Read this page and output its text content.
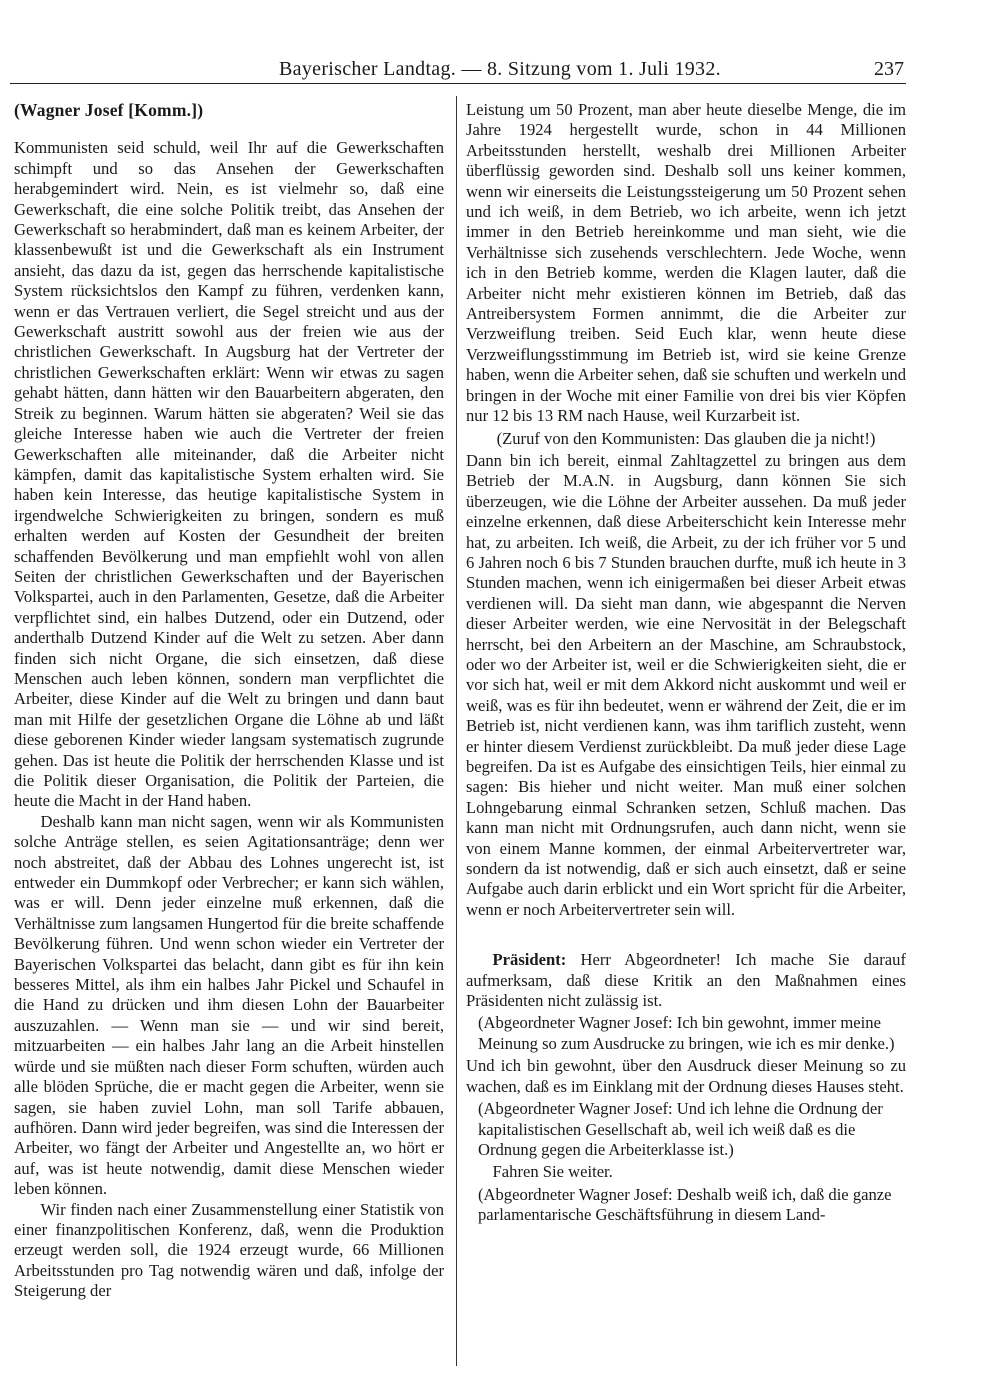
Bayerischer Landtag. — 8. Sitzung vom 1. Juli 1932.	237
(Wagner Josef [Komm.])

Kommunisten seid schuld, weil Ihr auf die Gewerkschaften schimpft und so das Ansehen der Gewerkschaften herabgemindert wird. Nein, es ist vielmehr so, daß eine Gewerkschaft, die eine solche Politik treibt, das Ansehen der Gewerkschaft so herabmindert, daß man es keinem Arbeiter, der klassenbewußt ist und die Gewerkschaft als ein Instrument ansieht, das dazu da ist, gegen das herrschende kapitalistische System rücksichtslos den Kampf zu führen, verdenken kann, wenn er das Vertrauen verliert, die Segel streicht und aus der Gewerkschaft austritt sowohl aus der freien wie aus der christlichen Gewerkschaft. In Augsburg hat der Vertreter der christlichen Gewerkschaften erklärt: Wenn wir etwas zu sagen gehabt hätten, dann hätten wir den Bauarbeitern abgeraten, den Streik zu beginnen. Warum hätten sie abgeraten? Weil sie das gleiche Interesse haben wie auch die Vertreter der freien Gewerkschaften alle miteinander, daß die Arbeiter nicht kämpfen, damit das kapitalistische System erhalten wird. Sie haben kein Interesse, das heutige kapitalistische System in irgendwelche Schwierigkeiten zu bringen, sondern es muß erhalten werden auf Kosten der Gesundheit der breiten schaffenden Bevölkerung und man empfiehlt wohl von allen Seiten der christlichen Gewerkschaften und der Bayerischen Volkspartei, auch in den Parlamenten, Gesetze, daß die Arbeiter verpflichtet sind, ein halbes Dutzend, oder ein Dutzend, oder anderthalb Dutzend Kinder auf die Welt zu setzen. Aber dann finden sich nicht Organe, die sich einsetzen, daß diese Menschen auch leben können, sondern man verpflichtet die Arbeiter, diese Kinder auf die Welt zu bringen und dann baut man mit Hilfe der gesetzlichen Organe die Löhne ab und läßt diese geborenen Kinder wieder langsam systematisch zugrunde gehen. Das ist heute die Politik der herrschenden Klasse und ist die Politik dieser Organisation, die Politik der Parteien, die heute die Macht in der Hand haben.

Deshalb kann man nicht sagen, wenn wir als Kommunisten solche Anträge stellen, es seien Agitationsanträge; denn wer noch abstreitet, daß der Abbau des Lohnes ungerecht ist, ist entweder ein Dummkopf oder Verbrecher; er kann sich wählen, was er will. Denn jeder einzelne muß erkennen, daß die Verhältnisse zum langsamen Hungertod für die breite schaffende Bevölkerung führen. Und wenn schon wieder ein Vertreter der Bayerischen Volkspartei das belacht, dann gibt es für ihn kein besseres Mittel, als ihm ein halbes Jahr Pickel und Schaufel in die Hand zu drücken und ihm diesen Lohn der Bauarbeiter auszuzahlen. — Wenn man sie — und wir sind bereit, mitzuarbeiten — ein halbes Jahr lang an die Arbeit hinstellen würde und sie müßten nach dieser Form schuften, würden auch alle blöden Sprüche, die er macht gegen die Arbeiter, wenn sie sagen, sie haben zuviel Lohn, man soll Tarife abbauen, aufhören. Dann wird jeder begreifen, was sind die Interessen der Arbeiter, wo fängt der Arbeiter und Angestellte an, wo hört er auf, was ist heute notwendig, damit diese Menschen wieder leben können.

Wir finden nach einer Zusammenstellung einer Statistik von einer finanzpolitischen Konferenz, daß, wenn die Produktion erzeugt werden soll, die 1924 erzeugt wurde, 66 Millionen Arbeitsstunden pro Tag notwendig wären und daß, infolge der Steigerung der

Leistung um 50 Prozent, man aber heute dieselbe Menge, die im Jahre 1924 hergestellt wurde, schon in 44 Millionen Arbeitsstunden herstellt, weshalb drei Millionen Arbeiter überflüssig geworden sind. Deshalb soll uns keiner kommen, wenn wir einerseits die Leistungssteigerung um 50 Prozent sehen und ich weiß, in dem Betrieb, wo ich arbeite, wenn ich jetzt immer in den Betrieb hereinkomme und man sieht, wie die Verhältnisse sich zusehends verschlechtern. Jede Woche, wenn ich in den Betrieb komme, werden die Klagen lauter, daß die Arbeiter nicht mehr existieren können im Betrieb, daß das Antreibersystem Formen annimmt, die die Arbeiter zur Verzweiflung treiben. Seid Euch klar, wenn heute diese Verzweiflungsstimmung im Betrieb ist, wird sie keine Grenze haben, wenn die Arbeiter sehen, daß sie schuften und werkeln und bringen in der Woche mit einer Familie von drei bis vier Köpfen nur 12 bis 13 RM nach Hause, weil Kurzarbeit ist.

(Zuruf von den Kommunisten: Das glauben die ja nicht!)

Dann bin ich bereit, einmal Zahltagzettel zu bringen aus dem Betrieb der M.A.N. in Augsburg, dann können Sie sich überzeugen, wie die Löhne der Arbeiter aussehen. Da muß jeder einzelne erkennen, daß diese Arbeiterschicht kein Interesse mehr hat, zu arbeiten. Ich weiß, die Arbeit, zu der ich früher vor 5 und 6 Jahren noch 6 bis 7 Stunden brauchen durfte, muß ich heute in 3 Stunden machen, wenn ich einigermaßen bei dieser Arbeit etwas verdienen will. Da sieht man dann, wie abgespannt die Nerven dieser Arbeiter werden, wie eine Nervosität in der Belegschaft herrscht, bei den Arbeitern an der Maschine, am Schraubstock, oder wo der Arbeiter ist, weil er die Schwierigkeiten sieht, die er vor sich hat, weil er mit dem Akkord nicht auskommt und weil er weiß, was es für ihn bedeutet, wenn er während der Zeit, die er im Betrieb ist, nicht verdienen kann, was ihm tariflich zusteht, wenn er hinter diesem Verdienst zurückbleibt. Da muß jeder diese Lage begreifen. Da ist es Aufgabe des einsichtigen Teils, hier einmal zu sagen: Bis hieher und nicht weiter. Man muß einer solchen Lohngebarung einmal Schranken setzen, Schluß machen. Das kann man nicht mit Ordnungsrufen, auch dann nicht, wenn sie von einem Manne kommen, der einmal Arbeitervertreter war, sondern da ist notwendig, daß er sich auch einsetzt, daß er seine Aufgabe auch darin erblickt und ein Wort spricht für die Arbeiter, wenn er noch Arbeitervertreter sein will.

Präsident: Herr Abgeordneter! Ich mache Sie darauf aufmerksam, daß diese Kritik an den Maßnahmen eines Präsidenten nicht zulässig ist.

(Abgeordneter Wagner Josef: Ich bin gewohnt, immer meine Meinung so zum Ausdrucke zu bringen, wie ich es mir denke.)

Und ich bin gewohnt, über den Ausdruck dieser Meinung so zu wachen, daß es im Einklang mit der Ordnung dieses Hauses steht.

(Abgeordneter Wagner Josef: Und ich lehne die Ordnung der kapitalistischen Gesellschaft ab, weil ich weiß daß es die Ordnung gegen die Arbeiterklasse ist.)

Fahren Sie weiter.

(Abgeordneter Wagner Josef: Deshalb weiß ich, daß die ganze parlamentarische Geschäftsführung in diesem Land-
